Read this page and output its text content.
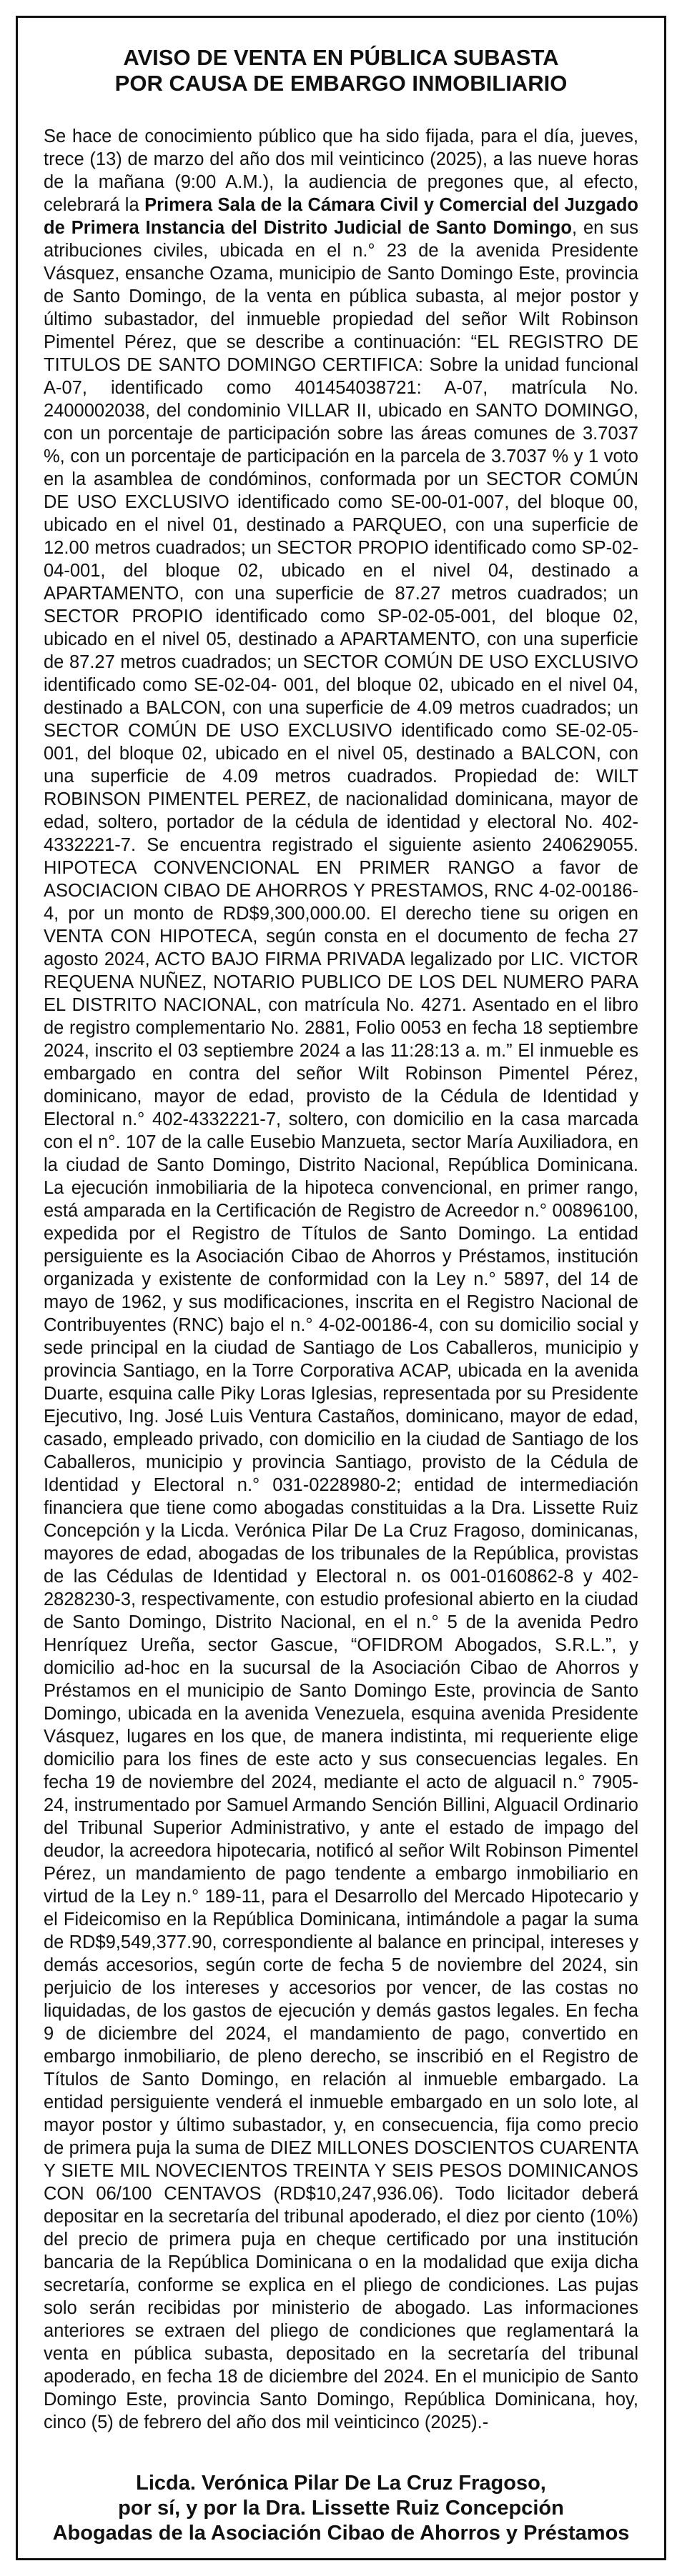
AVISO DE VENTA EN PÚBLICA SUBASTA
POR CAUSA DE EMBARGO INMOBILIARIO

Se hace de conocimiento público que ha sido fijada, para el día, jueves, trece (13) de marzo del año dos mil veinticinco (2025), a las nueve horas de la mañana (9:00 A.M.), la audiencia de pregones que, al efecto, celebrará la Primera Sala de la Cámara Civil y Comercial del Juzgado de Primera Instancia del Distrito Judicial de Santo Domingo, en sus atribuciones civiles, ubicada en el n.° 23 de la avenida Presidente Vásquez, ensanche Ozama, municipio de Santo Domingo Este, provincia de Santo Domingo, de la venta en pública subasta, al mejor postor y último subastador, del inmueble propiedad del señor Wilt Robinson Pimentel Pérez, que se describe a continuación: “EL REGISTRO DE TITULOS DE SANTO DOMINGO CERTIFICA: Sobre la unidad funcional A-07, identificado como 401454038721: A-07, matrícula No. 2400002038, del condominio VILLAR II, ubicado en SANTO DOMINGO, con un porcentaje de participación sobre las áreas comunes de 3.7037 %, con un porcentaje de participación en la parcela de 3.7037 % y 1 voto en la asamblea de condóminos, conformada por un SECTOR COMÚN DE USO EXCLUSIVO identificado como SE-00-01-007, del bloque 00, ubicado en el nivel 01, destinado a PARQUEO, con una superficie de 12.00 metros cuadrados; un SECTOR PROPIO identificado como SP-02-04-001, del bloque 02, ubicado en el nivel 04, destinado a APARTAMENTO, con una superficie de 87.27 metros cuadrados; un SECTOR PROPIO identificado como SP-02-05-001, del bloque 02, ubicado en el nivel 05, destinado a APARTAMENTO, con una superficie de 87.27 metros cuadrados; un SECTOR COMÚN DE USO EXCLUSIVO identificado como SE-02-04- 001, del bloque 02, ubicado en el nivel 04, destinado a BALCON, con una superficie de 4.09 metros cuadrados; un SECTOR COMÚN DE USO EXCLUSIVO identificado como SE-02-05-001, del bloque 02, ubicado en el nivel 05, destinado a BALCON, con una superficie de 4.09 metros cuadrados. Propiedad de: WILT ROBINSON PIMENTEL PEREZ, de nacionalidad dominicana, mayor de edad, soltero, portador de la cédula de identidad y electoral No. 402-4332221-7. Se encuentra registrado el siguiente asiento 240629055. HIPOTECA CONVENCIONAL EN PRIMER RANGO a favor de ASOCIACION CIBAO DE AHORROS Y PRESTAMOS, RNC 4-02-00186-4, por un monto de RD$9,300,000.00. El derecho tiene su origen en VENTA CON HIPOTECA, según consta en el documento de fecha 27 agosto 2024, ACTO BAJO FIRMA PRIVADA legalizado por LIC. VICTOR REQUENA NUÑEZ, NOTARIO PUBLICO DE LOS DEL NUMERO PARA EL DISTRITO NACIONAL, con matrícula No. 4271. Asentado en el libro de registro complementario No. 2881, Folio 0053 en fecha 18 septiembre 2024, inscrito el 03 septiembre 2024 a las 11:28:13 a. m.” El inmueble es embargado en contra del señor Wilt Robinson Pimentel Pérez, dominicano, mayor de edad, provisto de la Cédula de Identidad y Electoral n.° 402-4332221-7, soltero, con domicilio en la casa marcada con el n°. 107 de la calle Eusebio Manzueta, sector María Auxiliadora, en la ciudad de Santo Domingo, Distrito Nacional, República Dominicana. La ejecución inmobiliaria de la hipoteca convencional, en primer rango, está amparada en la Certificación de Registro de Acreedor n.° 00896100, expedida por el Registro de Títulos de Santo Domingo. La entidad persiguiente es la Asociación Cibao de Ahorros y Préstamos, institución organizada y existente de conformidad con la Ley n.° 5897, del 14 de mayo de 1962, y sus modificaciones, inscrita en el Registro Nacional de Contribuyentes (RNC) bajo el n.° 4-02-00186-4, con su domicilio social y sede principal en la ciudad de Santiago de Los Caballeros, municipio y provincia Santiago, en la Torre Corporativa ACAP, ubicada en la avenida Duarte, esquina calle Piky Loras Iglesias, representada por su Presidente Ejecutivo, Ing. José Luis Ventura Castaños, dominicano, mayor de edad, casado, empleado privado, con domicilio en la ciudad de Santiago de los Caballeros, municipio y provincia Santiago, provisto de la Cédula de Identidad y Electoral n.° 031-0228980-2; entidad de intermediación financiera que tiene como abogadas constituidas a la Dra. Lissette Ruiz Concepción y la Licda. Verónica Pilar De La Cruz Fragoso, dominicanas, mayores de edad, abogadas de los tribunales de la República, provistas de las Cédulas de Identidad y Electoral n. os 001-0160862-8 y 402-2828230-3, respectivamente, con estudio profesional abierto en la ciudad de Santo Domingo, Distrito Nacional, en el n.° 5 de la avenida Pedro Henríquez Ureña, sector Gascue, “OFIDROM Abogados, S.R.L.”, y domicilio ad-hoc en la sucursal de la Asociación Cibao de Ahorros y Préstamos en el municipio de Santo Domingo Este, provincia de Santo Domingo, ubicada en la avenida Venezuela, esquina avenida Presidente Vásquez, lugares en los que, de manera indistinta, mi requeriente elige domicilio para los fines de este acto y sus consecuencias legales. En fecha 19 de noviembre del 2024, mediante el acto de alguacil n.° 7905-24, instrumentado por Samuel Armando Sención Billini, Alguacil Ordinario del Tribunal Superior Administrativo, y ante el estado de impago del deudor, la acreedora hipotecaria, notificó al señor Wilt Robinson Pimentel Pérez, un mandamiento de pago tendente a embargo inmobiliario en virtud de la Ley n.° 189-11, para el Desarrollo del Mercado Hipotecario y el Fideicomiso en la República Dominicana, intimándole a pagar la suma de RD$9,549,377.90, correspondiente al balance en principal, intereses y demás accesorios, según corte de fecha 5 de noviembre del 2024, sin perjuicio de los intereses y accesorios por vencer, de las costas no liquidadas, de los gastos de ejecución y demás gastos legales. En fecha 9 de diciembre del 2024, el mandamiento de pago, convertido en embargo inmobiliario, de pleno derecho, se inscribió en el Registro de Títulos de Santo Domingo, en relación al inmueble embargado. La entidad persiguiente venderá el inmueble embargado en un solo lote, al mayor postor y último subastador, y, en consecuencia, fija como precio de primera puja la suma de DIEZ MILLONES DOSCIENTOS CUARENTA Y SIETE MIL NOVECIENTOS TREINTA Y SEIS PESOS DOMINICANOS CON 06/100 CENTAVOS (RD$10,247,936.06). Todo licitador deberá depositar en la secretaría del tribunal apoderado, el diez por ciento (10%) del precio de primera puja en cheque certificado por una institución bancaria de la República Dominicana o en la modalidad que exija dicha secretaría, conforme se explica en el pliego de condiciones. Las pujas solo serán recibidas por ministerio de abogado. Las informaciones anteriores se extraen del pliego de condiciones que reglamentará la venta en pública subasta, depositado en la secretaría del tribunal apoderado, en fecha 18 de diciembre del 2024. En el municipio de Santo Domingo Este, provincia Santo Domingo, República Dominicana, hoy, cinco (5) de febrero del año dos mil veinticinco (2025).-

Licda. Verónica Pilar De La Cruz Fragoso,
por sí, y por la Dra. Lissette Ruiz Concepción
Abogadas de la Asociación Cibao de Ahorros y Préstamos
